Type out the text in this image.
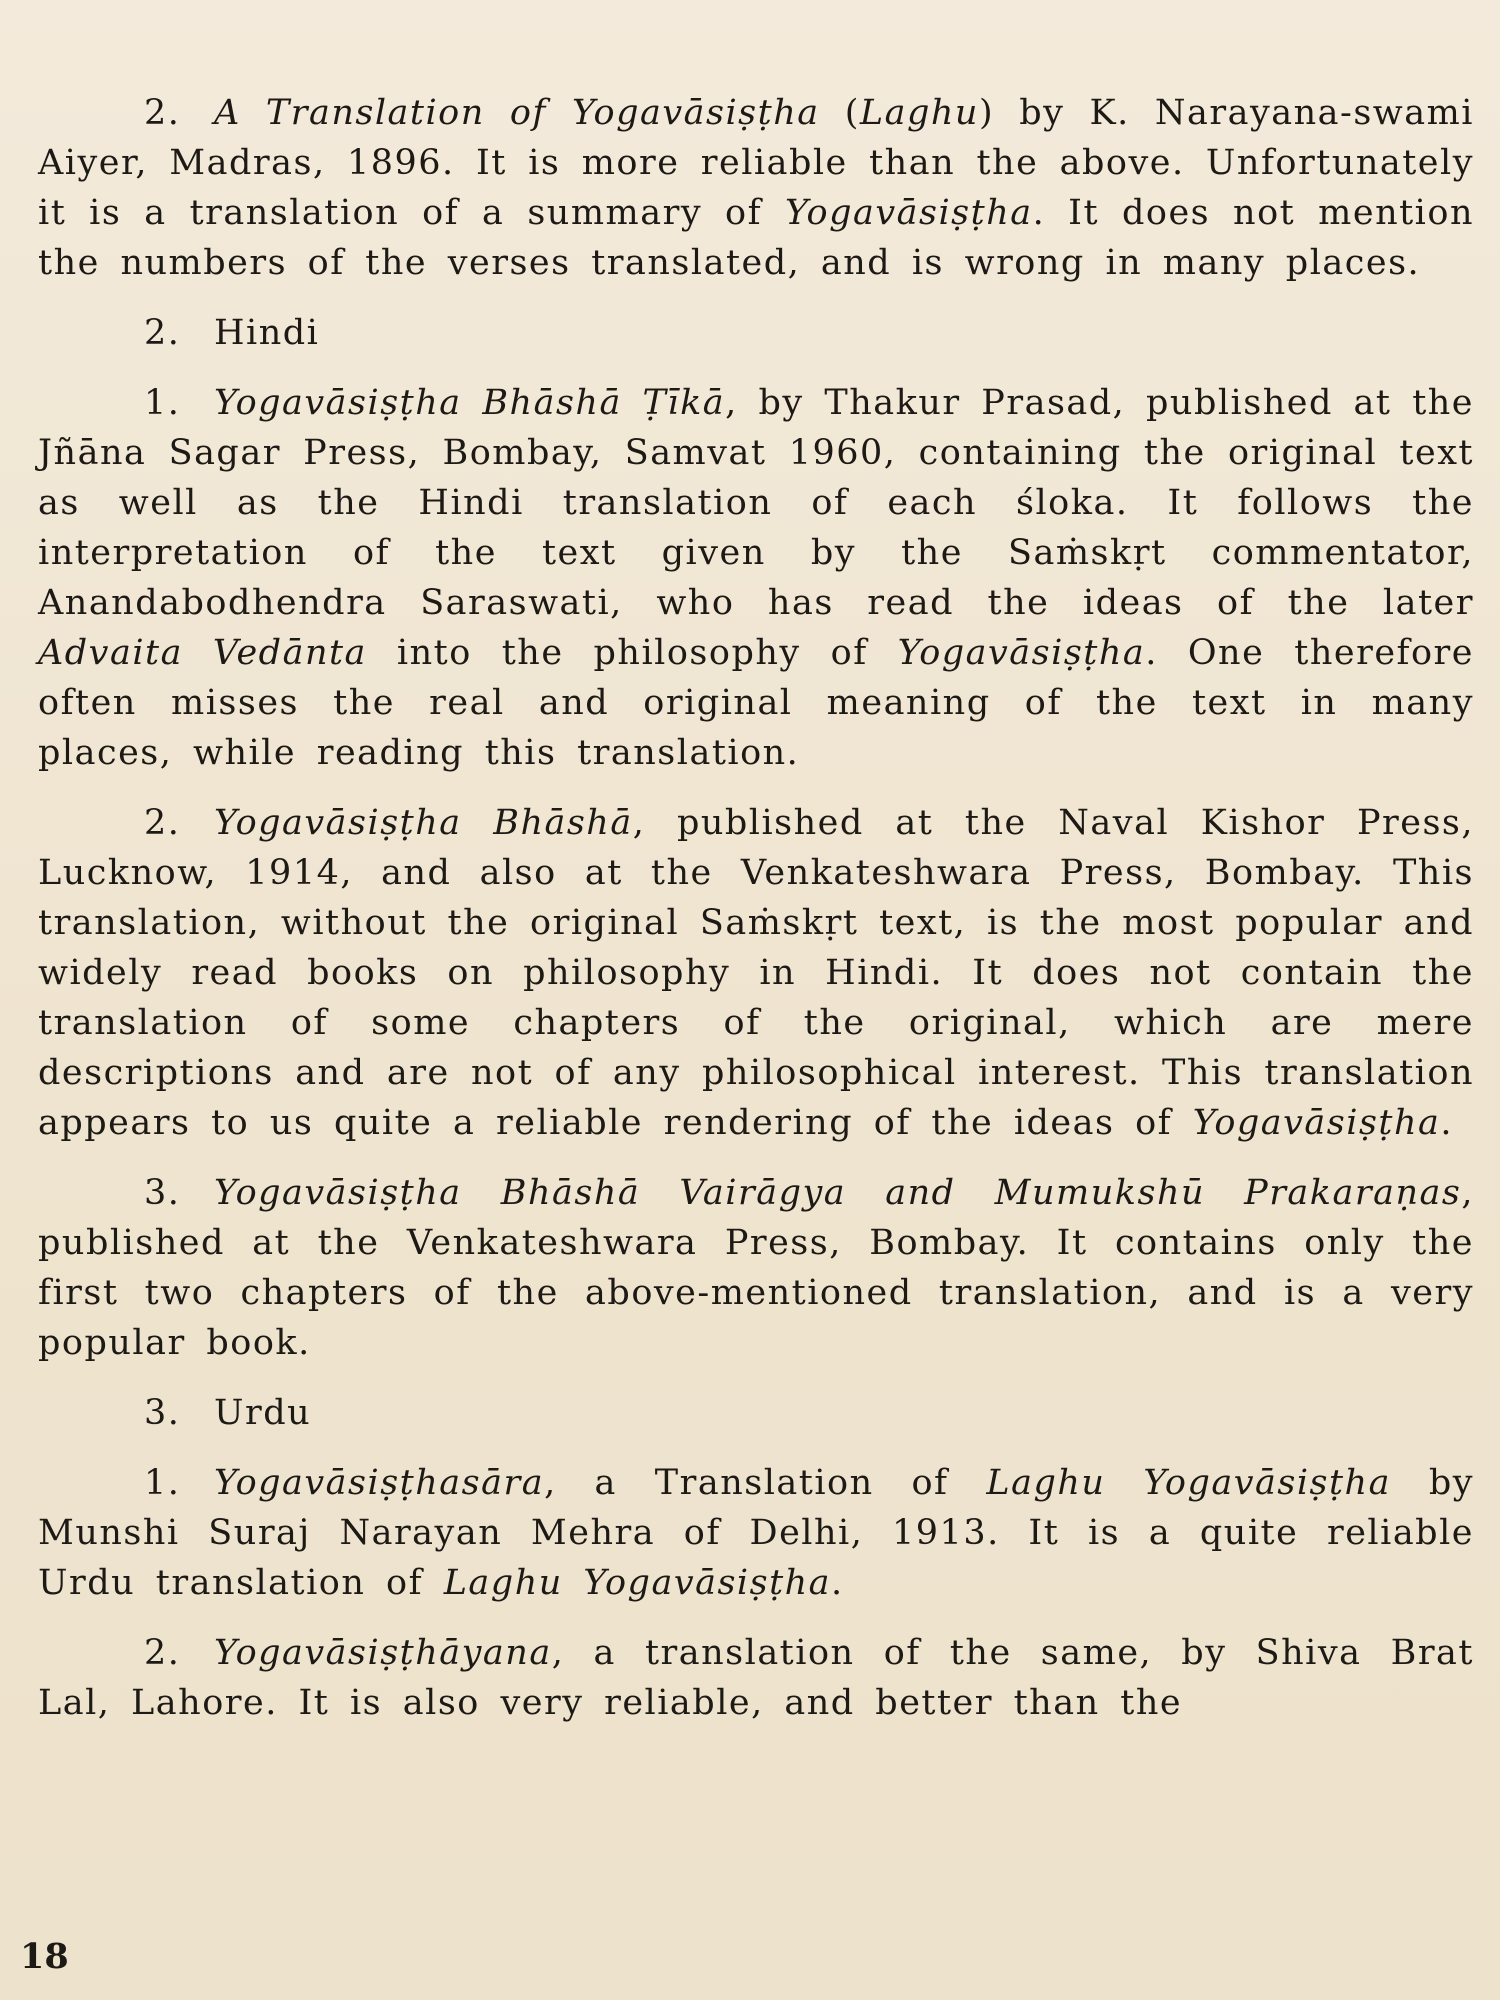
2. A Translation of Yogavāsiṣṭha (Laghu) by K. Narayana-swami Aiyer, Madras, 1896. It is more reliable than the above. Unfortunately it is a translation of a summary of Yogavāsiṣṭha. It does not mention the numbers of the verses translated, and is wrong in many places.

2. Hindi

1. Yogavāsiṣṭha Bhāshā Ṭīkā, by Thakur Prasad, published at the Jñāna Sagar Press, Bombay, Samvat 1960, containing the original text as well as the Hindi translation of each śloka. It follows the interpretation of the text given by the Saṁskṛt commentator, Anandabodhendra Saraswati, who has read the ideas of the later Advaita Vedānta into the philosophy of Yogavāsiṣṭha. One therefore often misses the real and original meaning of the text in many places, while reading this translation.

2. Yogavāsiṣṭha Bhāshā, published at the Naval Kishor Press, Lucknow, 1914, and also at the Venkateshwara Press, Bombay. This translation, without the original Saṁskṛt text, is the most popular and widely read books on philosophy in Hindi. It does not contain the translation of some chapters of the original, which are mere descriptions and are not of any philosophical interest. This translation appears to us quite a reliable rendering of the ideas of Yogavāsiṣṭha.

3. Yogavāsiṣṭha Bhāshā Vairāgya and Mumukshū Prakaraṇas, published at the Venkateshwara Press, Bombay. It contains only the first two chapters of the above-mentioned translation, and is a very popular book.

3. Urdu

1. Yogavāsiṣṭhasāra, a Translation of Laghu Yogavāsiṣṭha by Munshi Suraj Narayan Mehra of Delhi, 1913. It is a quite reliable Urdu translation of Laghu Yogavāsiṣṭha.

2. Yogavāsiṣṭhāyana, a translation of the same, by Shiva Brat Lal, Lahore. It is also very reliable, and better than the

18
